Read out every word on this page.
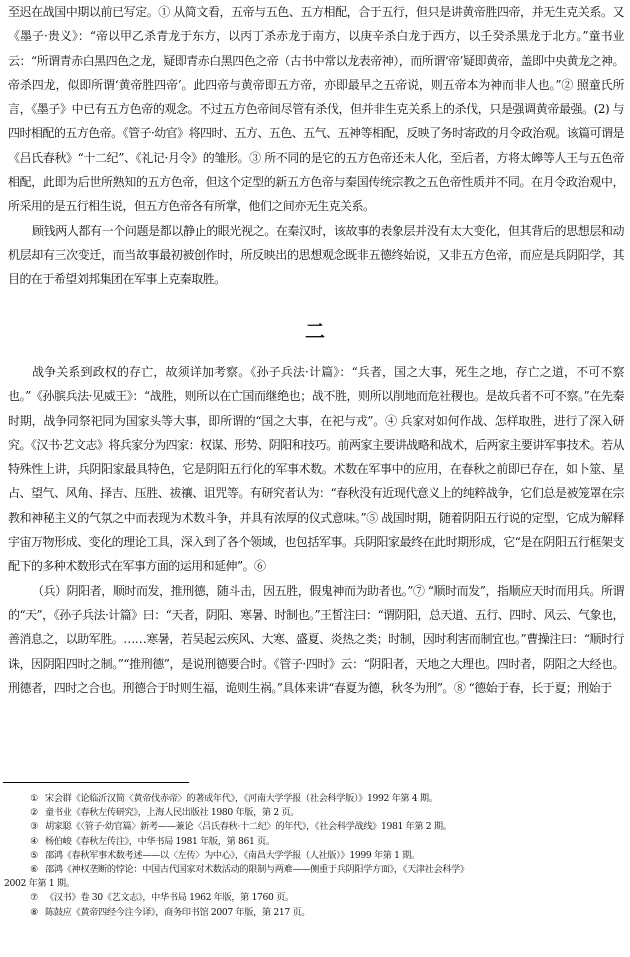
至迟在战国中期以前已写定。① 从简文看，五帝与五色、五方相配，合于五行，但只是讲黄帝胜四帝，并无生克关系。又《墨子·贵义》：“帝以甲乙杀青龙于东方，以丙丁杀赤龙于南方，以庚辛杀白龙于西方，以壬癸杀黑龙于北方。”童书业云：“所谓青赤白黑四色之龙，疑即青赤白黑四色之帝（古书中常以龙表帝神），而所谓‘帝’疑即黄帝，盖即中央黄龙之神。帝杀四龙，似即所谓‘黄帝胜四帝’。此四帝与黄帝即五方帝，亦即最早之五帝说，则五帝本为神而非人也。”② 照童氏所言，《墨子》中已有五方色帝的观念。不过五方色帝间尽管有杀伐，但并非生克关系上的杀伐，只是强调黄帝最强。(2) 与四时相配的五方色帝。《管子·幼官》将四时、五方、五色、五气、五神等相配，反映了务时寄政的月令政治观。该篇可谓是《吕氏春秋》“十二纪”、《礼记·月令》的雏形。③ 所不同的是它的五方色帝还未人化，至后者，方将太皞等人王与五色帝相配，此即为后世所熟知的五方色帝，但这个定型的新五方色帝与秦国传统宗教之五色帝性质并不同。在月令政治观中，所采用的是五行相生说，但五方色帝各有所掌，他们之间亦无生克关系。

顾钱两人都有一个问题是都以静止的眼光视之。在秦汉时，该故事的表象层并没有太大变化，但其背后的思想层和动机层却有三次变迁，而当故事最初被创作时，所反映出的思想观念既非五德终始说，又非五方色帝，而应是兵阴阳学，其目的在于希望刘邦集团在军事上克秦取胜。

二

战争关系到政权的存亡，故须详加考察。《孙子兵法·计篇》：“兵者，国之大事，死生之地，存亡之道，不可不察也。”《孙膑兵法·见威王》：“战胜，则所以在亡国而继绝也；战不胜，则所以削地而危社稷也。是故兵者不可不察。”在先秦时期，战争同祭祀同为国家头等大事，即所谓的“国之大事，在祀与戎”。④ 兵家对如何作战、怎样取胜，进行了深入研究。《汉书·艺文志》将兵家分为四家：权谋、形势、阴阳和技巧。前两家主要讲战略和战术，后两家主要讲军事技术。若从特殊性上讲，兵阴阳家最具特色，它是阴阳五行化的军事术数。术数在军事中的应用，在春秋之前即已存在，如卜筮、星占、望气、风角、择吉、压胜、祓禳、诅咒等。有研究者认为：“春秋没有近现代意义上的纯粹战争，它们总是被笼罩在宗教和神秘主义的气氛之中而表现为术数斗争，并具有浓厚的仪式意味。”⑤ 战国时期，随着阴阳五行说的定型，它成为解释宇宙万物形成、变化的理论工具，深入到了各个领域，也包括军事。兵阴阳家最终在此时期形成，它“是在阴阳五行框架支配下的多种术数形式在军事方面的运用和延伸”。⑥

（兵）阴阳者，顺时而发，推刑德，随斗击，因五胜，假鬼神而为助者也。”⑦ “顺时而发”，指顺应天时而用兵。所谓的“天”，《孙子兵法·计篇》曰：“天者，阴阳、寒暑、时制也。”王皙注曰：“谓阴阳，总天道、五行、四时、风云、气象也，善消息之，以助军胜。……寒暑，若吴起云疾风、大寒、盛夏、炎热之类；时制，因时利害而制宜也。”曹操注曰：“顺时行诛，因阴阳四时之制。”“推刑德”，是说刑德要合时。《管子·四时》云：“阴阳者，天地之大理也。四时者，阴阳之大经也。刑德者，四时之合也。刑德合于时则生福，诡则生祸。”具体来讲“春夏为德，秋冬为刑”。⑧ “德始于春，长于夏；刑始于

① 宋会群《论临沂汉简〈黄帝伐赤帝〉的著成年代》，《河南大学学报（社会科学版）》1992 年第 4 期。
② 童书业《春秋左传研究》，上海人民出版社 1980 年版，第 2 页。
③ 胡家聪《〈管子·幼官篇〉新考——兼论〈吕氏春秋·十二纪〉的年代》，《社会科学战线》1981 年第 2 期。
④ 杨伯峻《春秋左传注》，中华书局 1981 年版，第 861 页。
⑤ 邵鸿《春秋军事术数考述——以〈左传〉为中心》，《南昌大学学报（人社版）》1999 年第 1 期。
⑥ 邵鸿《神权垄断的悖论：中国古代国家对术数活动的限制与两难——侧重于兵阴阳学方面》，《天津社会科学》
2002 年第 1 期。
⑦ 《汉书》卷 30《艺文志》，中华书局 1962 年版，第 1760 页。
⑧ 陈鼓应《黄帝四经今注今译》，商务印书馆 2007 年版，第 217 页。
